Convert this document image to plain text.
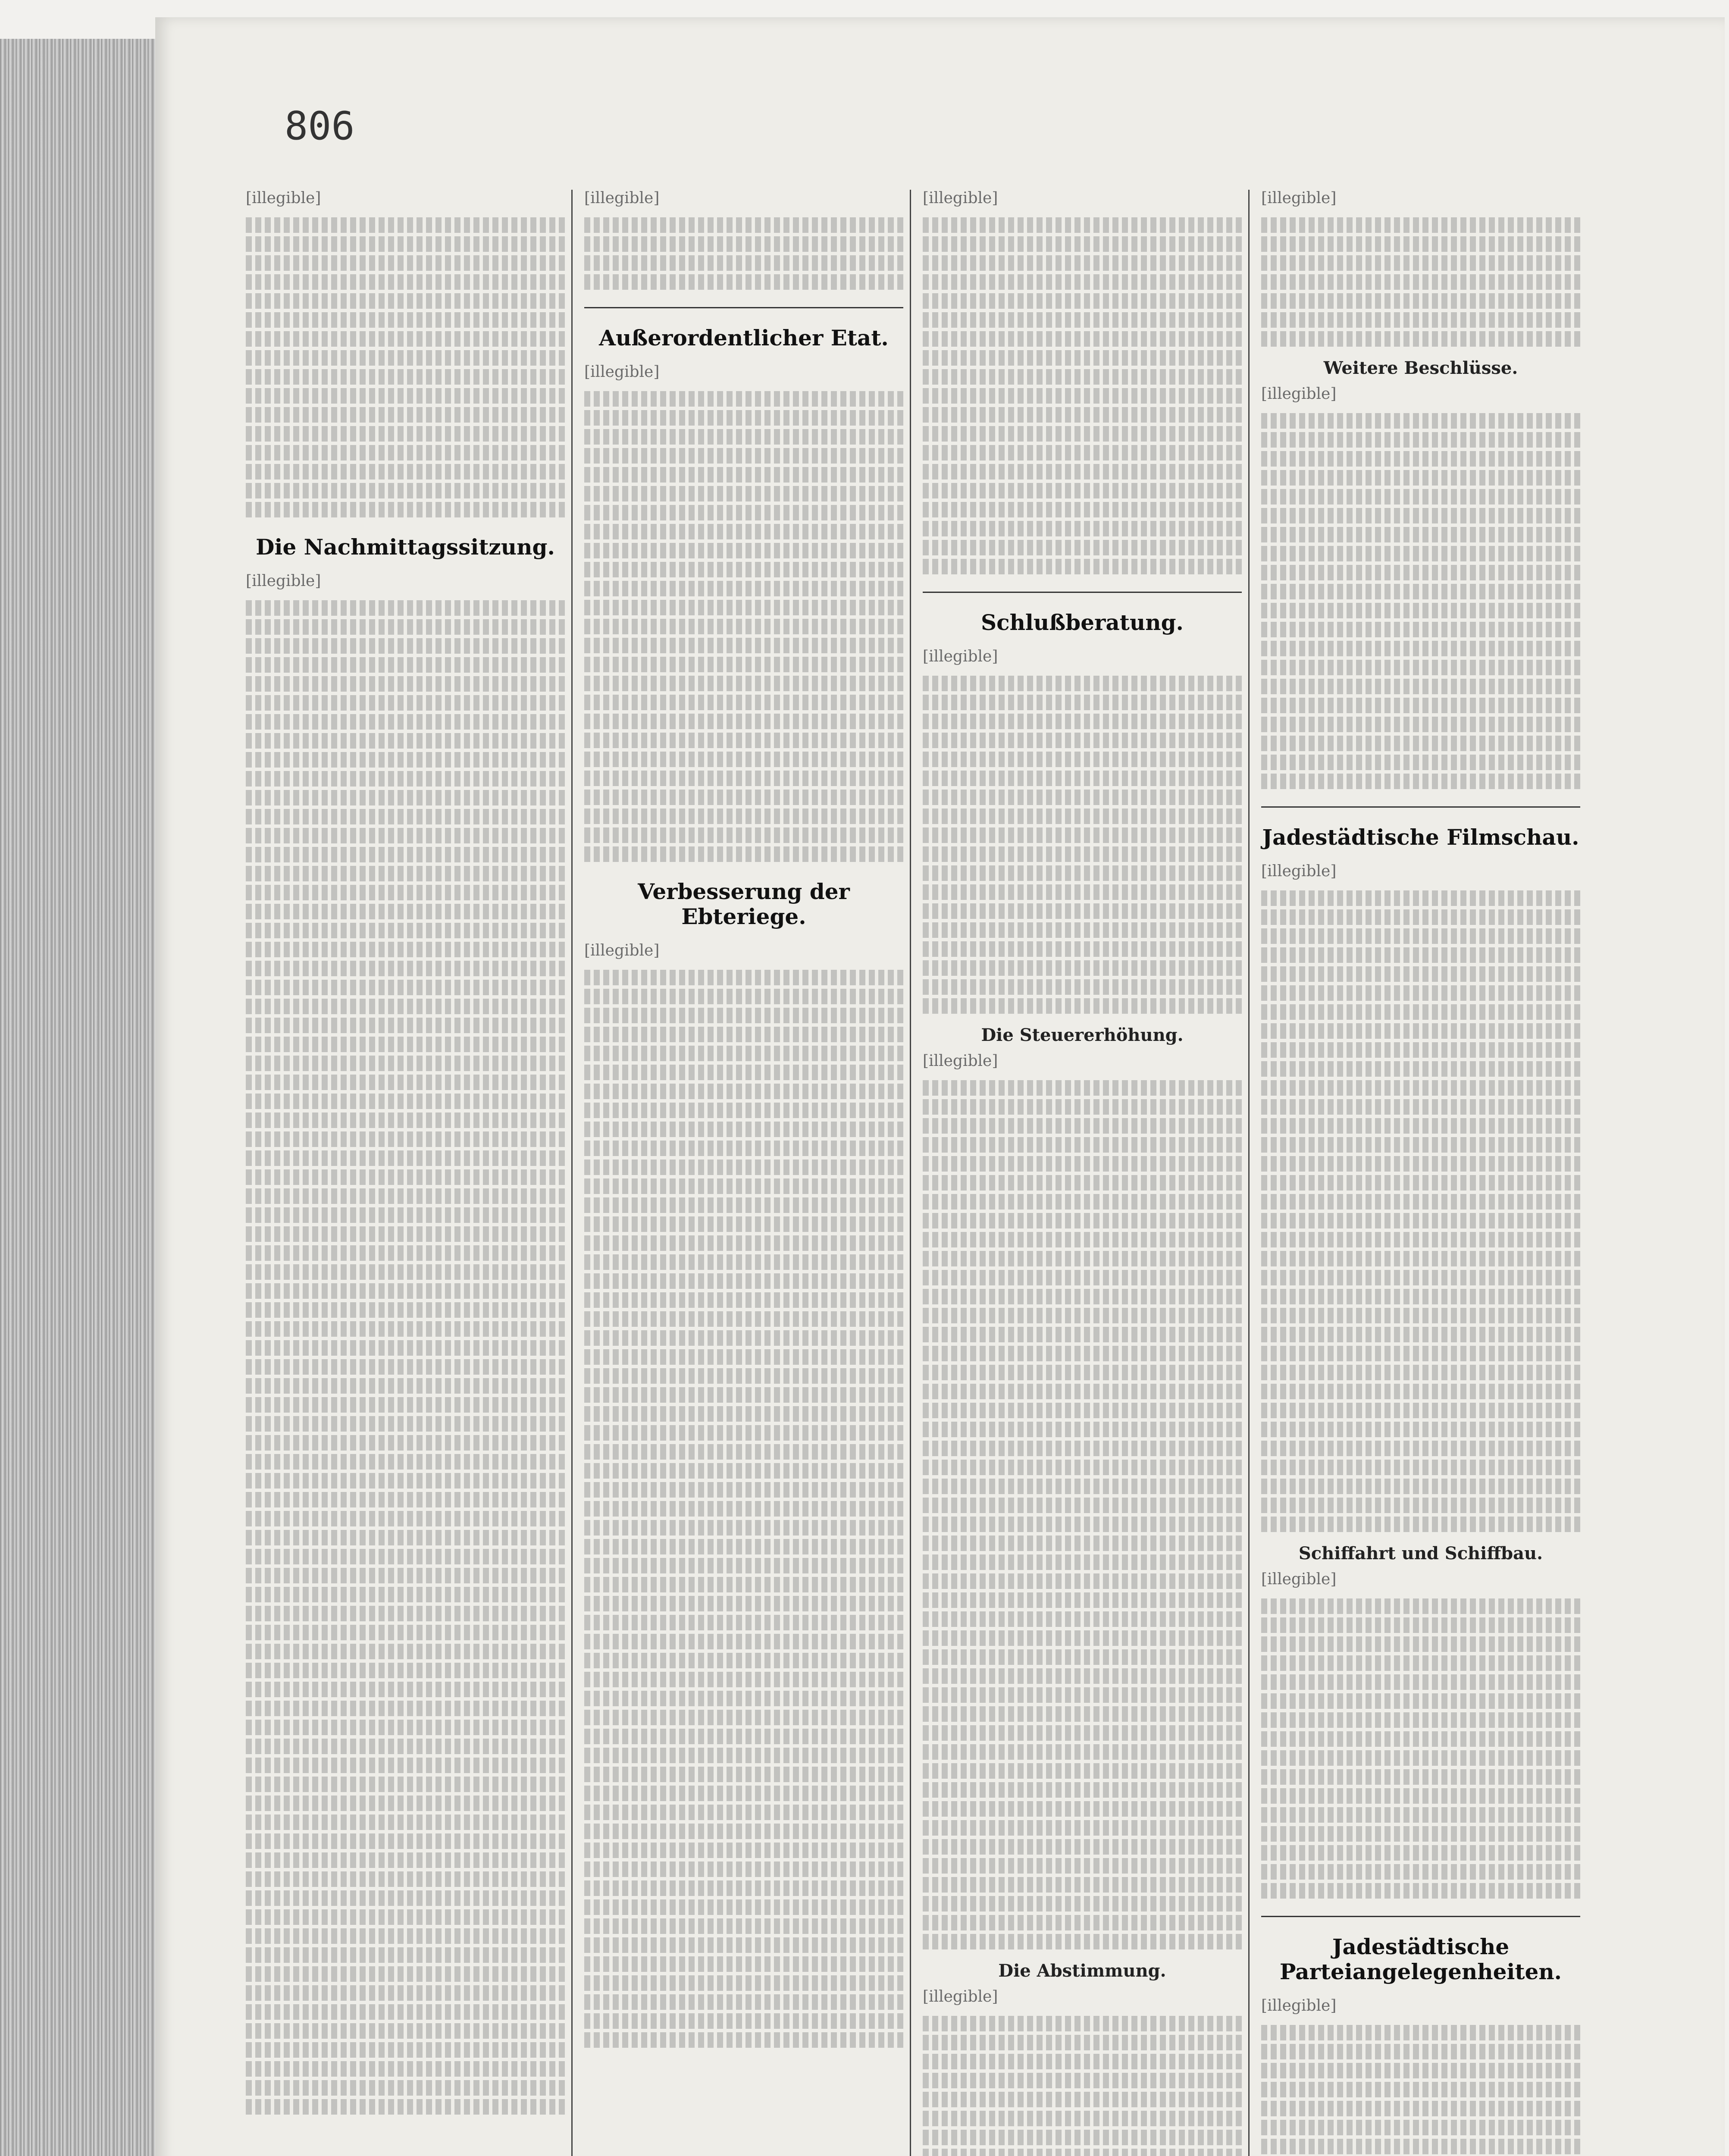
806

[illegible]

Die Nachmittagssitzung.

[illegible]

[illegible]

Außerordentlicher Etat.

[illegible]

Verbesserung der Ebteriege.

[illegible]

[illegible]

Schlußberatung.

[illegible]

Die Steuererhöhung.

[illegible]

Die Abstimmung.

[illegible]

[illegible]

Weitere Beschlüsse.

[illegible]

Jadestädtische Filmschau.

[illegible]

Schiffahrt und Schiffbau.

[illegible]

Jadestädtische Parteiangelegenheiten.

[illegible]
